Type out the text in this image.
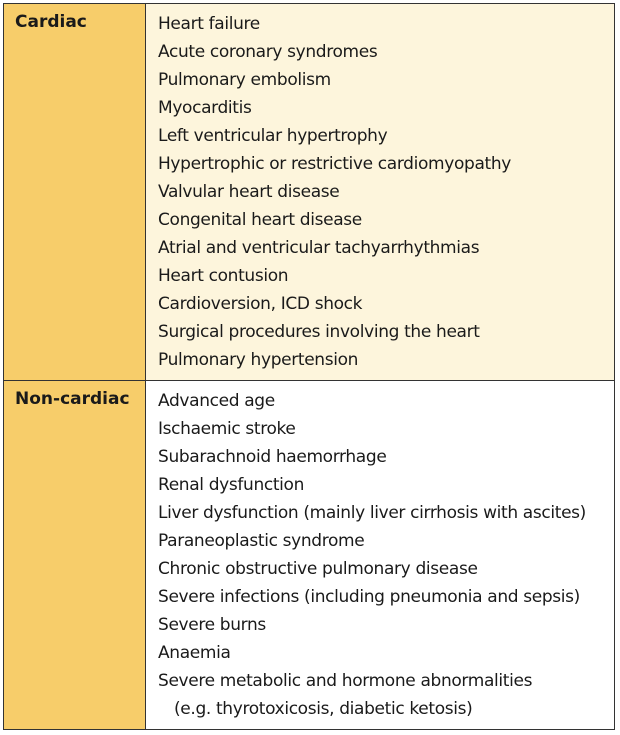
Cardiac	Heart failure
Acute coronary syndromes
Pulmonary embolism
Myocarditis
Left ventricular hypertrophy
Hypertrophic or restrictive cardiomyopathy
Valvular heart disease
Congenital heart disease
Atrial and ventricular tachyarrhythmias
Heart contusion
Cardioversion, ICD shock
Surgical procedures involving the heart
Pulmonary hypertension
Non-cardiac	Advanced age
Ischaemic stroke
Subarachnoid haemorrhage
Renal dysfunction
Liver dysfunction (mainly liver cirrhosis with ascites)
Paraneoplastic syndrome
Chronic obstructive pulmonary disease
Severe infections (including pneumonia and sepsis)
Severe burns
Anaemia
Severe metabolic and hormone abnormalities
(e.g. thyrotoxicosis, diabetic ketosis)
